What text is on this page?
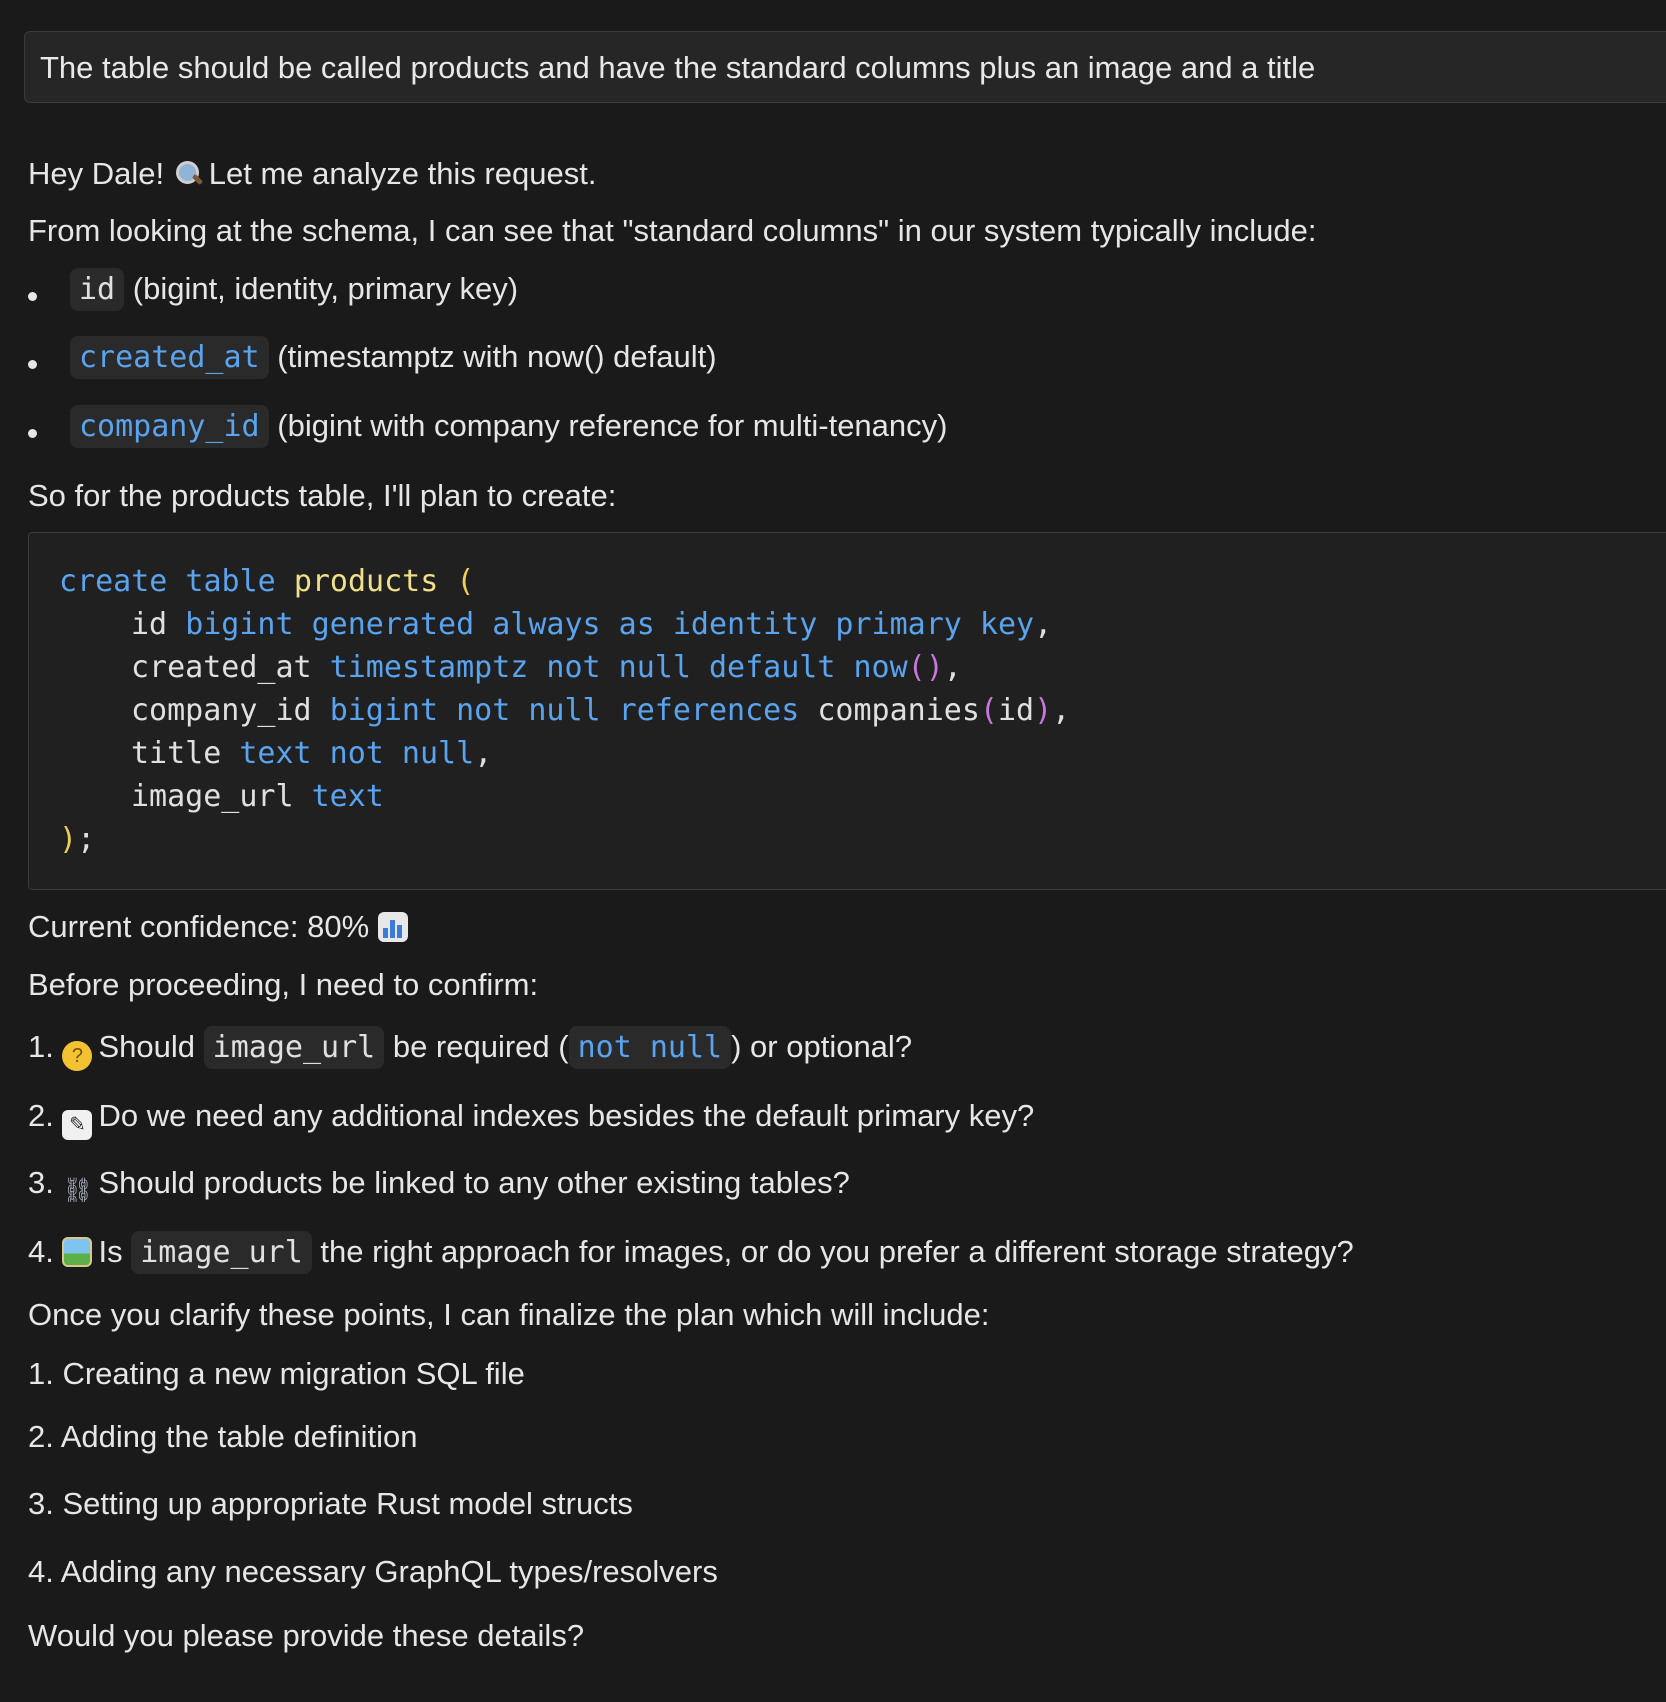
The table should be called products and have the standard columns plus an image and a title
Hey Dale! Let me analyze this request.
From looking at the schema, I can see that "standard columns" in our system typically include:
id (bigint, identity, primary key)
created_at (timestamptz with now() default)
company_id (bigint with company reference for multi-tenancy)
So for the products table, I'll plan to create:
create table products (
id bigint generated always as identity primary key,
created_at timestamptz not null default now(),
company_id bigint not null references companies(id),
title text not null,
image_url text
);
Current confidence: 80%
Before proceeding, I need to confirm:
1. ? Should image_url be required ( not null ) or optional?
2. ✎ Do we need any additional indexes besides the default primary key?
3. ⛓ Should products be linked to any other existing tables?
4. Is image_url the right approach for images, or do you prefer a different storage strategy?
Once you clarify these points, I can finalize the plan which will include:
1. Creating a new migration SQL file
2. Adding the table definition
3. Setting up appropriate Rust model structs
4. Adding any necessary GraphQL types/resolvers
Would you please provide these details?
